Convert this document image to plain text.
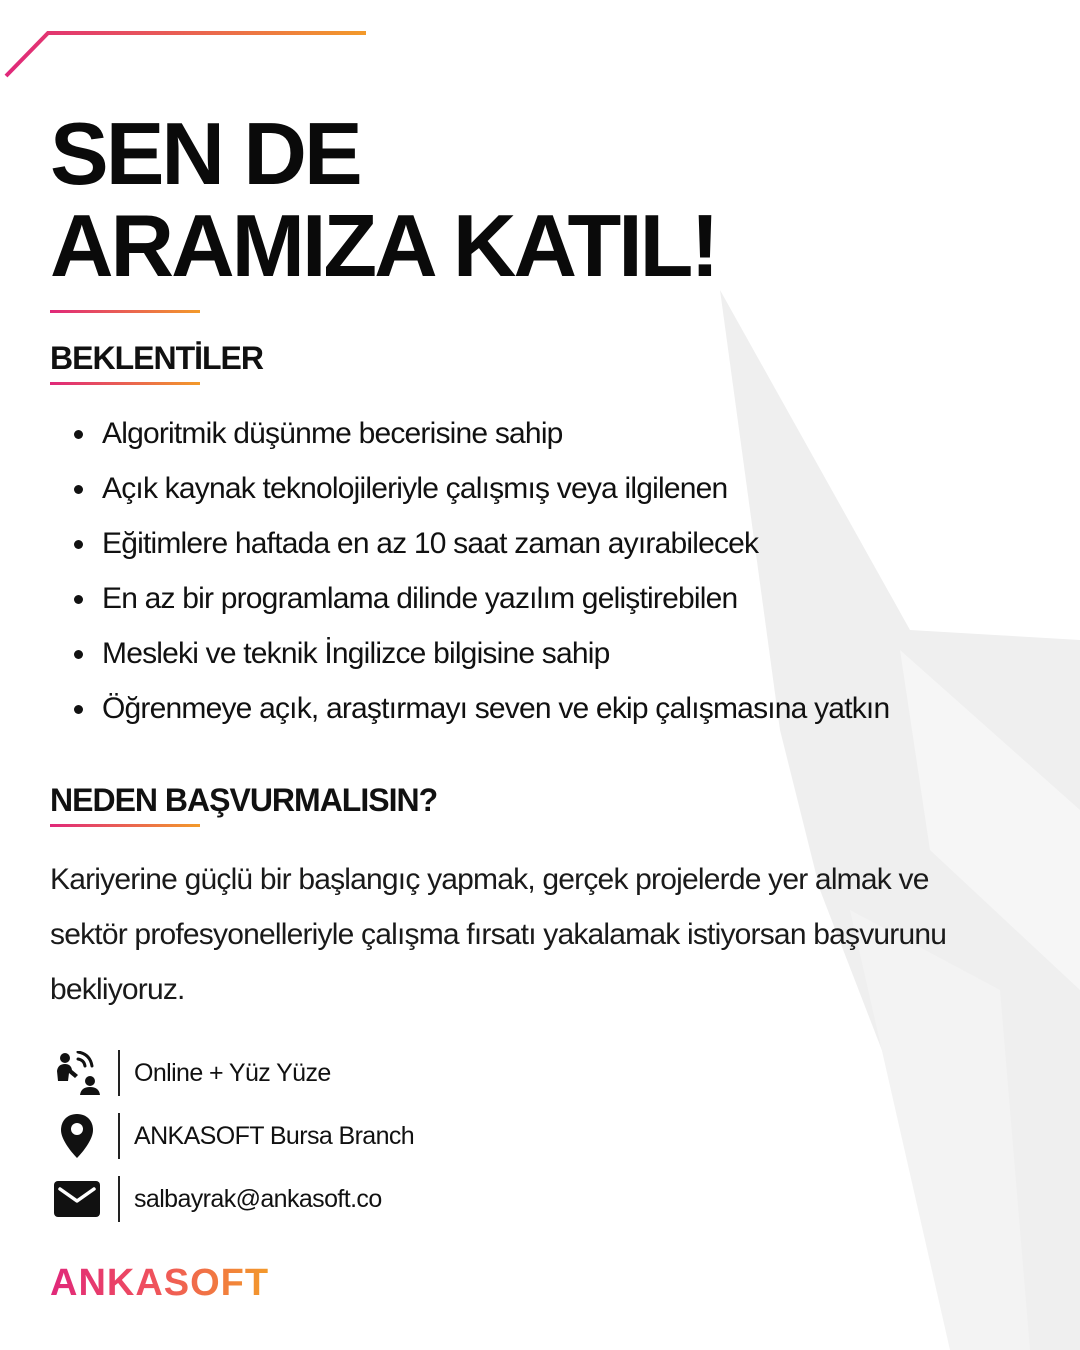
SEN DE
ARAMIZA KATIL!
BEKLENTİLER
• Algoritmik düşünme becerisine sahip
• Açık kaynak teknolojileriyle çalışmış veya ilgilenen
• Eğitimlere haftada en az 10 saat zaman ayırabilecek
• En az bir programlama dilinde yazılım geliştirebilen
• Mesleki ve teknik İngilizce bilgisine sahip
• Öğrenmeye açık, araştırmayı seven ve ekip çalışmasına yatkın
NEDEN BAŞVURMALISIN?

Kariyerine güçlü bir başlangıç yapmak, gerçek projelerde yer almak ve sektör profesyonelleriyle çalışma fırsatı yakalamak istiyorsan başvurunu bekliyoruz.

Online + Yüz Yüze
ANKASOFT Bursa Branch
salbayrak@ankasoft.co
ANKASOFT
